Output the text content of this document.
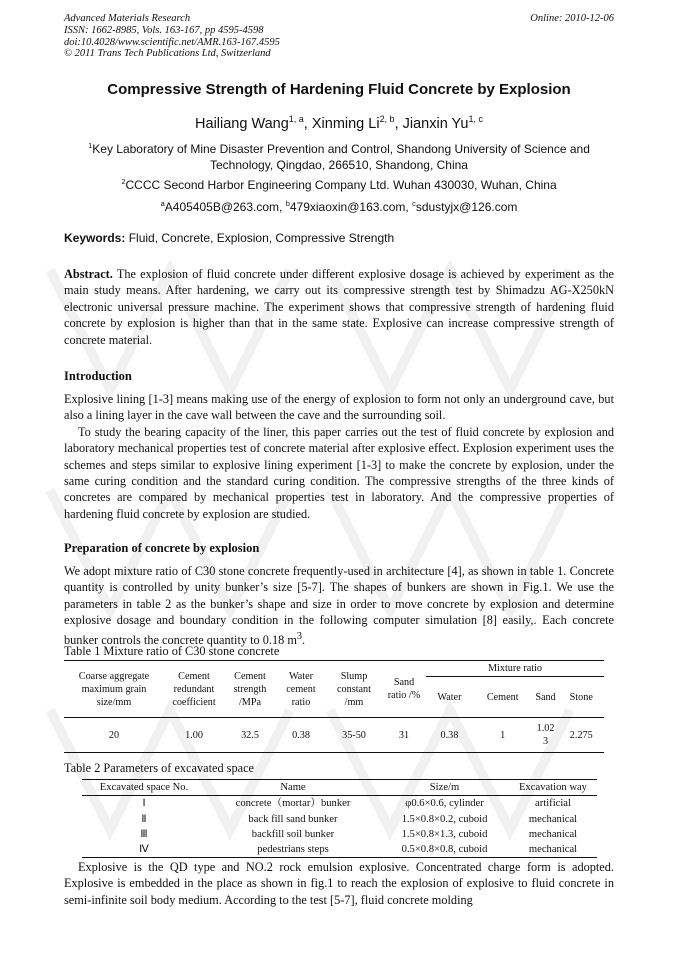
Advanced Materials Research
ISSN: 1662-8985, Vols. 163-167, pp 4595-4598
doi:10.4028/www.scientific.net/AMR.163-167.4595
© 2011 Trans Tech Publications Ltd, Switzerland
Online: 2010-12-06
Compressive Strength of Hardening Fluid Concrete by Explosion
Hailiang Wang$^{1, a}$, Xinming Li$^{2, b}$, Jianxin Yu$^{1, c}$
$^1$Key Laboratory of Mine Disaster Prevention and Control, Shandong University of Science and Technology, Qingdao, 266510, Shandong, China
$^2$CCCC Second Harbor Engineering Company Ltd. Wuhan 430030, Wuhan, China
$^a$A405405B@263.com, $^b$479xiaoxin@163.com, $^c$sdustyjx@126.com
Keywords: Fluid, Concrete, Explosion, Compressive Strength
Abstract. The explosion of fluid concrete under different explosive dosage is achieved by experiment as the main study means. After hardening, we carry out its compressive strength test by Shimadzu AG-X250kN electronic universal pressure machine. The experiment shows that compressive strength of hardening fluid concrete by explosion is higher than that in the same state. Explosive can increase compressive strength of concrete material.
Introduction
Explosive lining [1-3] means making use of the energy of explosion to form not only an underground cave, but also a lining layer in the cave wall between the cave and the surrounding soil.
To study the bearing capacity of the liner, this paper carries out the test of fluid concrete by explosion and laboratory mechanical properties test of concrete material after explosive effect. Explosion experiment uses the schemes and steps similar to explosive lining experiment [1-3] to make the concrete by explosion, under the same curing condition and the standard curing condition. The compressive strengths of the three kinds of concretes are compared by mechanical properties test in laboratory. And the compressive properties of hardening fluid concrete by explosion are studied.
Preparation of concrete by explosion
We adopt mixture ratio of C30 stone concrete frequently-used in architecture [4], as shown in table 1. Concrete quantity is controlled by unity bunker’s size [5-7]. The shapes of bunkers are shown in Fig.1. We use the parameters in table 2 as the bunker’s shape and size in order to move concrete by explosion and determine explosive dosage and boundary condition in the following computer simulation [8] easily,. Each concrete bunker controls the concrete quantity to 0.18 $m^3$.
Table 1 Mixture ratio of C30 stone concrete
Coarse aggregate maximum grain size/mm	Cement redundant coefficient	Cement strength /MPa	Water cement ratio	Slump constant /mm	Sand ratio /%	Mixture ratio			
						Water	Cement	Sand	Stone
20	1.00	32.5	0.38	35-50	31	0.38	1	1.02 3	2.275
Table 2 Parameters of excavated space
Excavated space No.	Name	Size/m	Excavation way
Ⅰ	concrete（mortar）bunker	φ0.6×0.6, cylinder	artificial
Ⅱ	back fill sand bunker	1.5×0.8×0.2, cuboid	mechanical
Ⅲ	backfill soil bunker	1.5×0.8×1.3, cuboid	mechanical
Ⅳ	pedestrians steps	0.5×0.8×0.8, cuboid	mechanical
Explosive is the QD type and NO.2 rock emulsion explosive. Concentrated charge form is adopted. Explosive is embedded in the place as shown in fig.1 to reach the explosion of explosive to fluid concrete in semi-infinite soil body medium. According to the test [5-7], fluid concrete molding
